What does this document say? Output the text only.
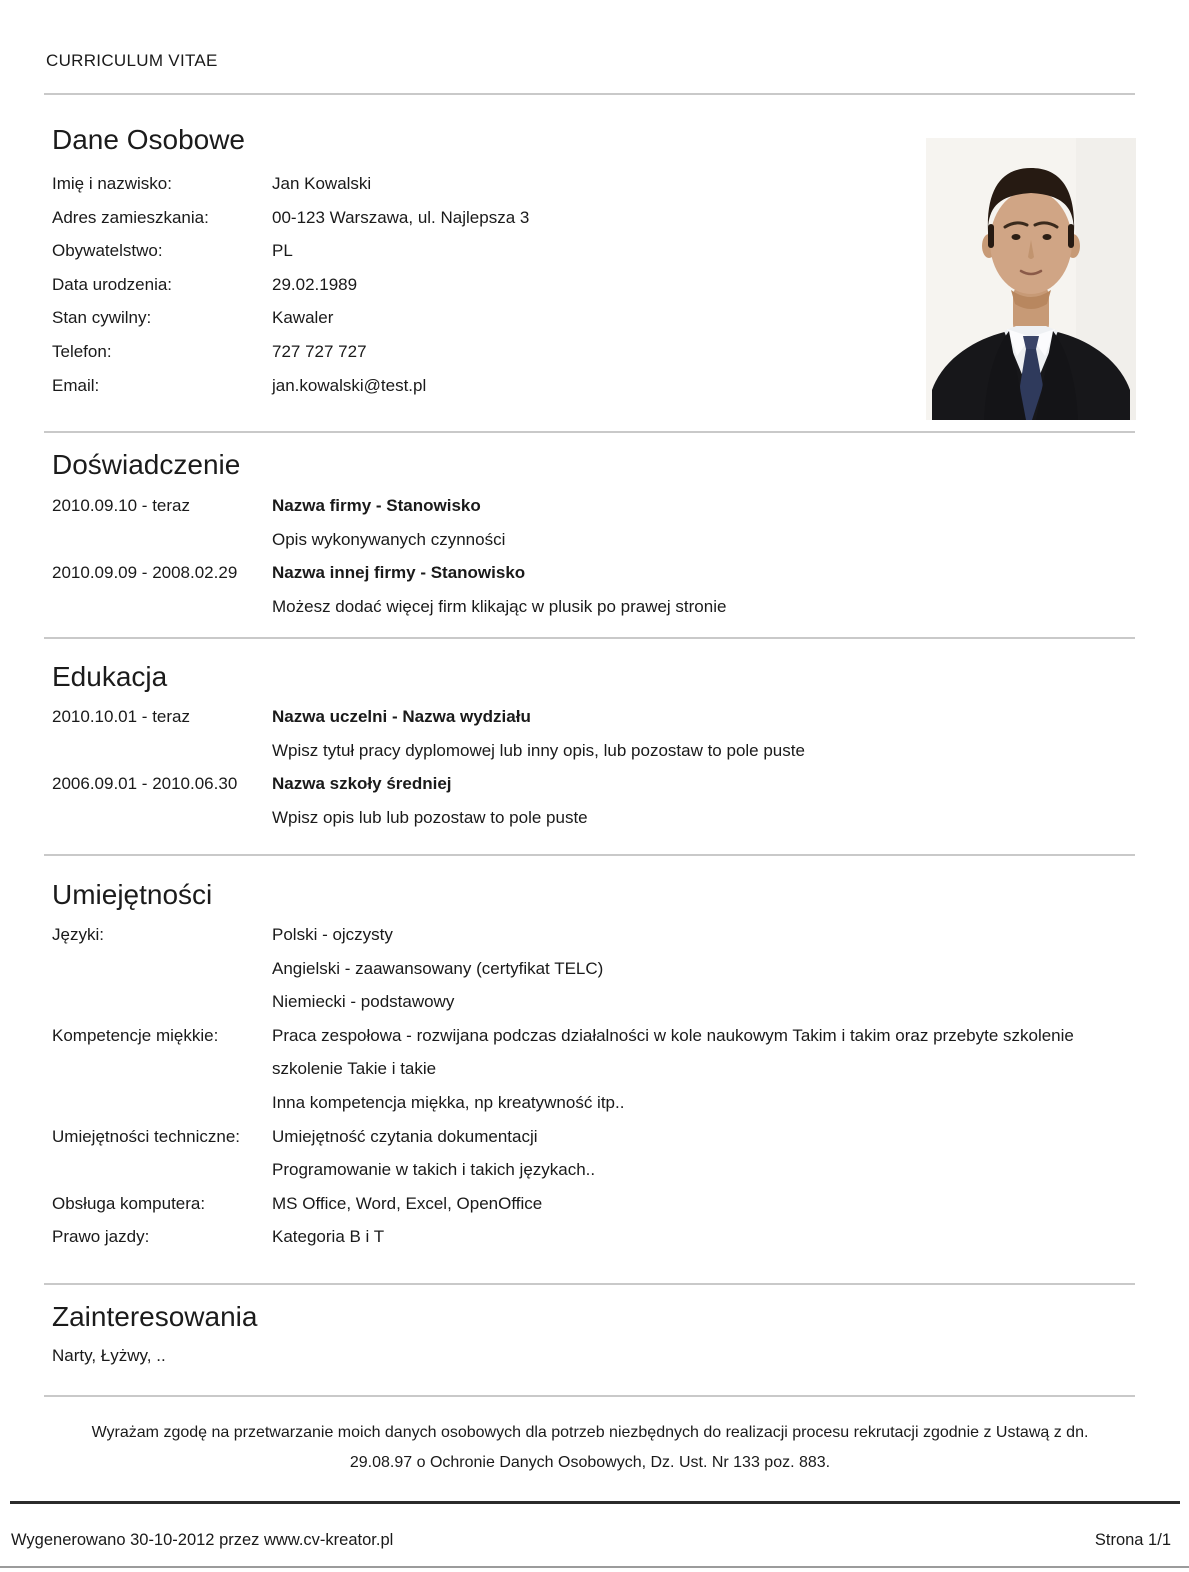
CURRICULUM VITAE
Dane Osobowe
Imię i nazwisko:	Jan Kowalski
Adres zamieszkania:	00-123 Warszawa, ul. Najlepsza 3
Obywatelstwo:	PL
Data urodzenia:	29.02.1989
Stan cywilny:	Kawaler
Telefon:	727 727 727
Email:	jan.kowalski@test.pl
Doświadczenie
2010.09.10 - teraz	Nazwa firmy - Stanowisko
Opis wykonywanych czynności
2010.09.09 - 2008.02.29	Nazwa innej firmy - Stanowisko
Możesz dodać więcej firm klikając w plusik po prawej stronie
Edukacja
2010.10.01 - teraz	Nazwa uczelni - Nazwa wydziału
Wpisz tytuł pracy dyplomowej lub inny opis, lub pozostaw to pole puste
2006.09.01 - 2010.06.30	Nazwa szkoły średniej
Wpisz opis lub lub pozostaw to pole puste
Umiejętności
Języki:	Polski - ojczysty
Angielski - zaawansowany (certyfikat TELC)
Niemiecki - podstawowy
Kompetencje miękkie:	Praca zespołowa - rozwijana podczas działalności w kole naukowym Takim i takim oraz przebyte szkolenie szkolenie Takie i takie
Inna kompetencja miękka, np kreatywność itp..
Umiejętności techniczne:	Umiejętność czytania dokumentacji
Programowanie w takich i takich językach..
Obsługa komputera:	MS Office, Word, Excel, OpenOffice
Prawo jazdy:	Kategoria B i T
Zainteresowania
Narty, Łyżwy, ..
Wyrażam zgodę na przetwarzanie moich danych osobowych dla potrzeb niezbędnych do realizacji procesu rekrutacji zgodnie z Ustawą z dn.
29.08.97 o Ochronie Danych Osobowych, Dz. Ust. Nr 133 poz. 883.
Wygenerowano 30-10-2012 przez www.cv-kreator.pl	Strona 1/1
